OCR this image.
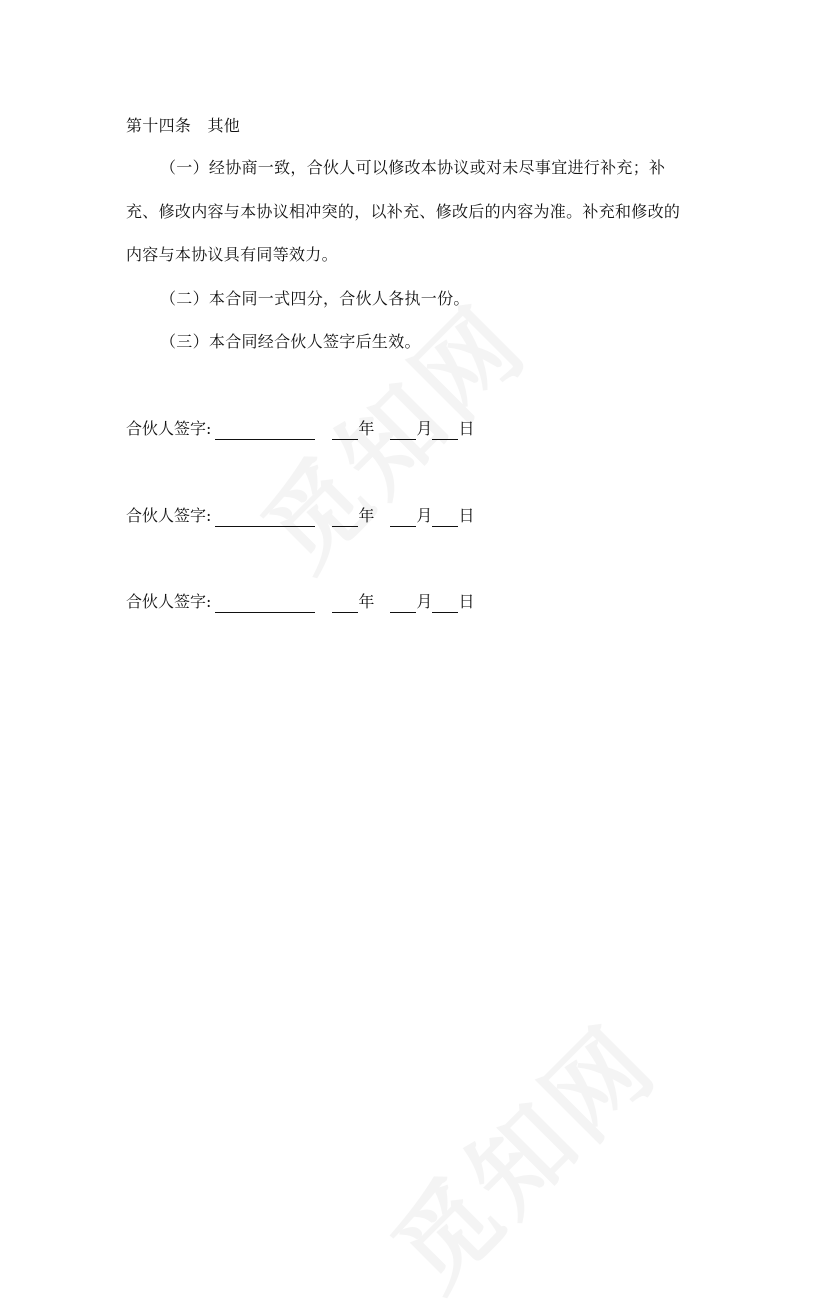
第十四条　其他
（一）经协商一致，合伙人可以修改本协议或对未尽事宜进行补充；补
充、修改内容与本协议相冲突的，以补充、修改后的内容为准。补充和修改的
内容与本协议具有同等效力。
（二）本合同一式四分，合伙人各执一份。
（三）本合同经合伙人签字后生效。
合伙人签字:	年	月 日
合伙人签字:	年	月 日
合伙人签字:	年	月 日
